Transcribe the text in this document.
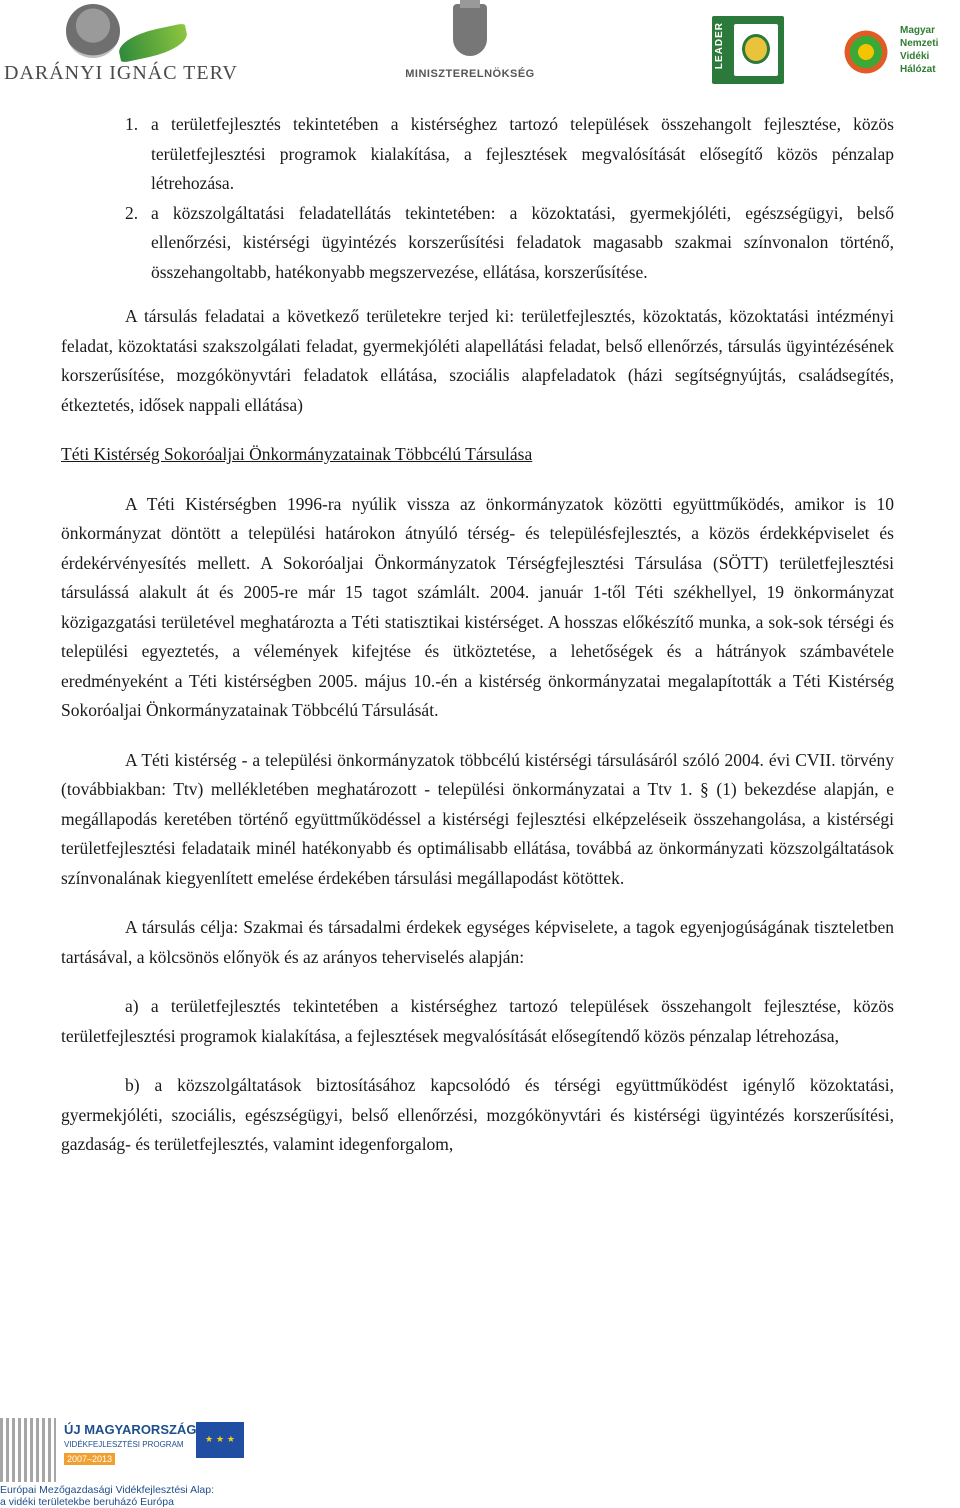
DARÁNYI IGNÁC TERV	MINISZTERELNÖKSÉG
LEADER	Magyar
Nemzeti
Vidéki
Hálózat
1. a területfejlesztés tekintetében a kistérséghez tartozó települések összehangolt fejlesztése, közös területfejlesztési programok kialakítása, a fejlesztések megvalósítását elősegítő közös pénzalap létrehozása.
2. a közszolgáltatási feladatellátás tekintetében: a közoktatási, gyermekjóléti, egészségügyi, belső ellenőrzési, kistérségi ügyintézés korszerűsítési feladatok magasabb szakmai színvonalon történő, összehangoltabb, hatékonyabb megszervezése, ellátása, korszerűsítése.

A társulás feladatai a következő területekre terjed ki: területfejlesztés, közoktatás, közoktatási intézményi feladat, közoktatási szakszolgálati feladat, gyermekjóléti alapellátási feladat, belső ellenőrzés, társulás ügyintézésének korszerűsítése, mozgókönyvtári feladatok ellátása, szociális alapfeladatok (házi segítségnyújtás, családsegítés, étkeztetés, idősek nappali ellátása)

Téti Kistérség Sokoróaljai Önkormányzatainak Többcélú Társulása

A Téti Kistérségben 1996-ra nyúlik vissza az önkormányzatok közötti együttműködés, amikor is 10 önkormányzat döntött a települési határokon átnyúló térség- és településfejlesztés, a közös érdekképviselet és érdekérvényesítés mellett. A Sokoróaljai Önkormányzatok Térségfejlesztési Társulása (SÖTT) területfejlesztési társulássá alakult át és 2005-re már 15 tagot számlált. 2004. január 1-től Téti székhellyel, 19 önkormányzat közigazgatási területével meghatározta a Téti statisztikai kistérséget. A hosszas előkészítő munka, a sok-sok térségi és települési egyeztetés, a vélemények kifejtése és ütköztetése, a lehetőségek és a hátrányok számbavétele eredményeként a Téti kistérségben 2005. május 10.-én a kistérség önkormányzatai megalapították a Téti Kistérség Sokoróaljai Önkormányzatainak Többcélú Társulását.

A Téti kistérség - a települési önkormányzatok többcélú kistérségi társulásáról szóló 2004. évi CVII. törvény (továbbiakban: Ttv) mellékletében meghatározott - települési önkormányzatai a Ttv 1. § (1) bekezdése alapján, e megállapodás keretében történő együttműködéssel a kistérségi fejlesztési elképzeléseik összehangolása, a kistérségi területfejlesztési feladataik minél hatékonyabb és optimálisabb ellátása, továbbá az önkormányzati közszolgáltatások színvonalának kiegyenlített emelése érdekében társulási megállapodást kötöttek.

A társulás célja: Szakmai és társadalmi érdekek egységes képviselete, a tagok egyenjogúságának tiszteletben tartásával, a kölcsönös előnyök és az arányos teherviselés alapján:

a) a területfejlesztés tekintetében a kistérséghez tartozó települések összehangolt fejlesztése, közös területfejlesztési programok kialakítása, a fejlesztések megvalósítását elősegítendő közös pénzalap létrehozása,

b) a közszolgáltatások biztosításához kapcsolódó és térségi együttműködést igénylő közoktatási, gyermekjóléti, szociális, egészségügyi, belső ellenőrzési, mozgókönyvtári és kistérségi ügyintézés korszerűsítési, gazdaság- és területfejlesztés, valamint idegenforgalom,

ÚJ MAGYARORSZÁG
VIDÉKFEJLESZTÉSI PROGRAM
2007–2013
★ ★ ★
Európai Mezőgazdasági Vidékfejlesztési Alap:
a vidéki területekbe beruházó Európa
